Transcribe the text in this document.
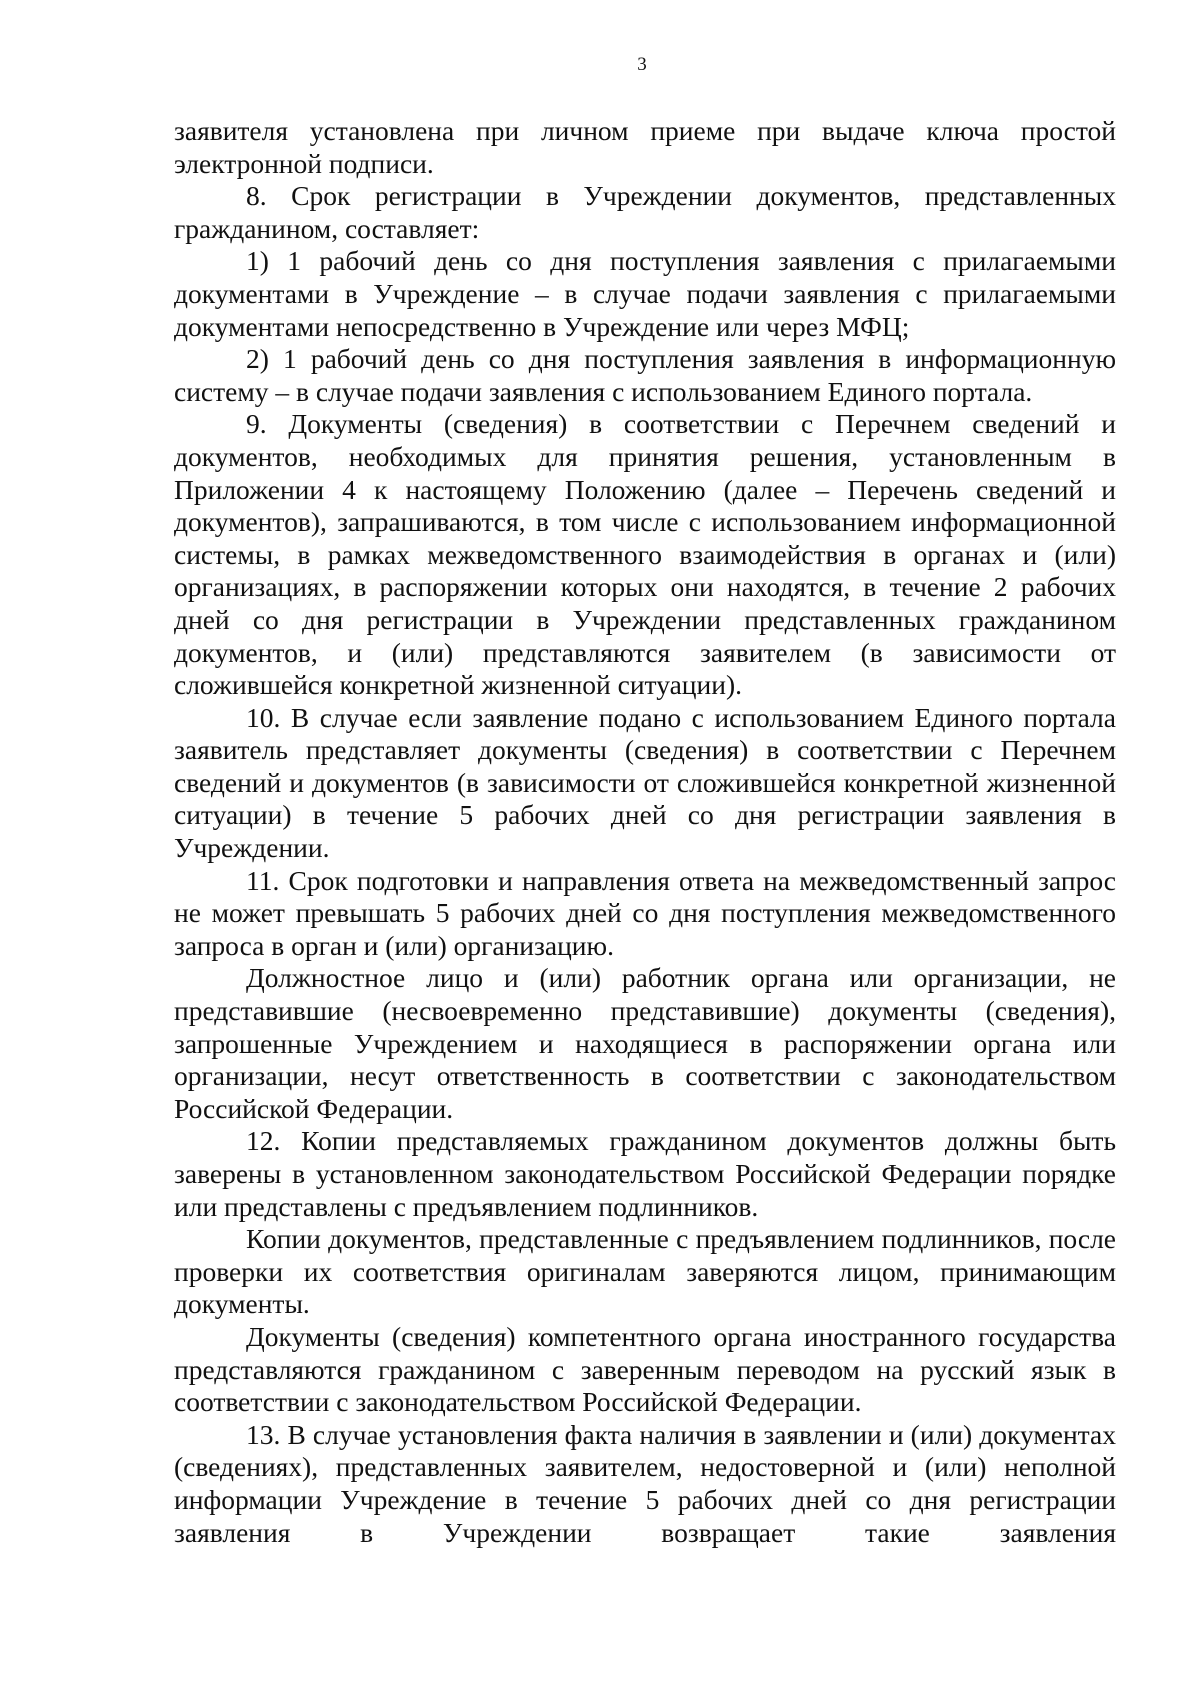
3

заявителя установлена при личном приеме при выдаче ключа простой электронной подписи.

8. Срок регистрации в Учреждении документов, представленных гражданином, составляет:

1) 1 рабочий день со дня поступления заявления с прилагаемыми документами в Учреждение – в случае подачи заявления с прилагаемыми документами непосредственно в Учреждение или через МФЦ;

2) 1 рабочий день со дня поступления заявления в информационную систему – в случае подачи заявления с использованием Единого портала.

9. Документы (сведения) в соответствии с Перечнем сведений и документов, необходимых для принятия решения, установленным в Приложении 4 к настоящему Положению (далее – Перечень сведений и документов), запрашиваются, в том числе с использованием информационной системы, в рамках межведомственного взаимодействия в органах и (или) организациях, в распоряжении которых они находятся, в течение 2 рабочих дней со дня регистрации в Учреждении представленных гражданином документов, и (или) представляются заявителем (в зависимости от сложившейся конкретной жизненной ситуации).

10. В случае если заявление подано с использованием Единого портала заявитель представляет документы (сведения) в соответствии с Перечнем сведений и документов (в зависимости от сложившейся конкретной жизненной ситуации) в течение 5 рабочих дней со дня регистрации заявления в Учреждении.

11. Срок подготовки и направления ответа на межведомственный запрос не может превышать 5 рабочих дней со дня поступления межведомственного запроса в орган и (или) организацию.

Должностное лицо и (или) работник органа или организации, не представившие (несвоевременно представившие) документы (сведения), запрошенные Учреждением и находящиеся в распоряжении органа или организации, несут ответственность в соответствии с законодательством Российской Федерации.

12. Копии представляемых гражданином документов должны быть заверены в установленном законодательством Российской Федерации порядке или представлены с предъявлением подлинников.

Копии документов, представленные с предъявлением подлинников, после проверки их соответствия оригиналам заверяются лицом, принимающим документы.

Документы (сведения) компетентного органа иностранного государства представляются гражданином с заверенным переводом на русский язык в соответствии с законодательством Российской Федерации.

13. В случае установления факта наличия в заявлении и (или) документах (сведениях), представленных заявителем, недостоверной и (или) неполной информации Учреждение в течение 5 рабочих дней со дня регистрации заявления в Учреждении возвращает такие заявления
